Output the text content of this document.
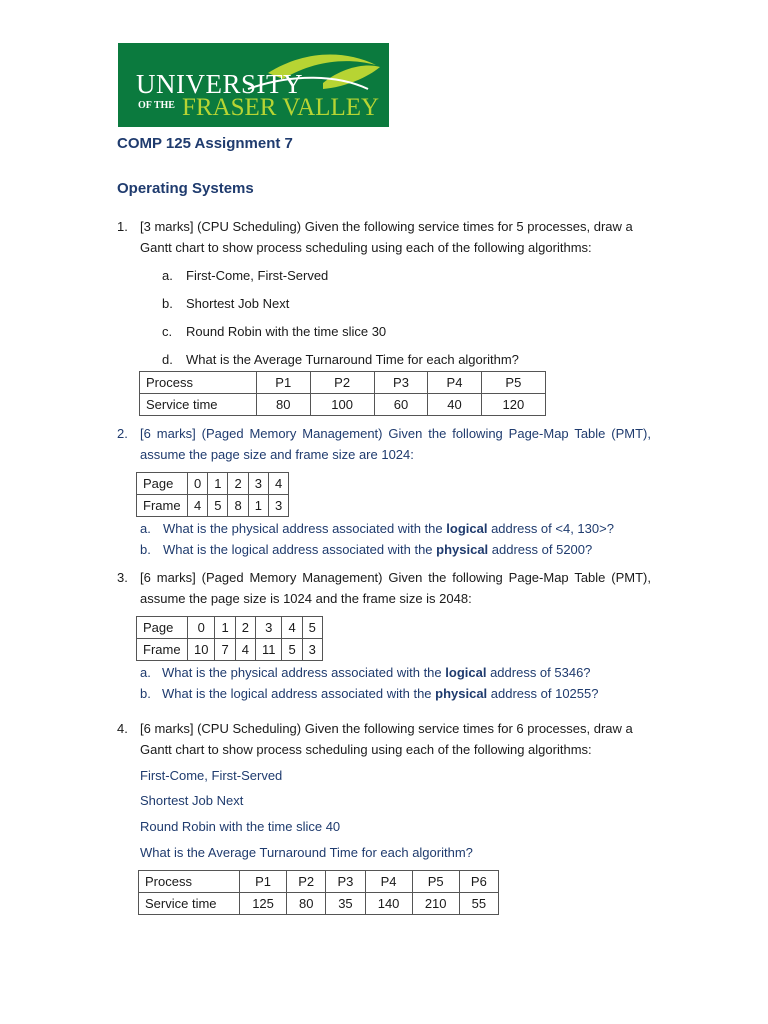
UNIVERSITY
OF THE FRASER VALLEY
COMP 125 Assignment 7
Operating Systems
1. [3 marks] (CPU Scheduling) Given the following service times for 5 processes, draw a
Gantt chart to show process scheduling using each of the following algorithms:
a. First-Come, First-Served
b. Shortest Job Next
c. Round Robin with the time slice 30
d. What is the Average Turnaround Time for each algorithm?
Process	P1	P2	P3	P4	P5
Service time	80	100	60	40	120
2. [6 marks] (Paged Memory Management) Given the following Page-Map Table (PMT),
assume the page size and frame size are 1024:
Page	0	1	2	3	4
Frame	4	5	8	1	3
a. What is the physical address associated with the logical address of <4, 130>?
b. What is the logical address associated with the physical address of 5200?
3. [6 marks] (Paged Memory Management) Given the following Page-Map Table (PMT),
assume the page size is 1024 and the frame size is 2048:
Page	0	1	2	3	4	5
Frame	10	7	4	11	5	3
a. What is the physical address associated with the logical address of 5346?
b. What is the logical address associated with the physical address of 10255?
4. [6 marks] (CPU Scheduling) Given the following service times for 6 processes, draw a
Gantt chart to show process scheduling using each of the following algorithms:
First-Come, First-Served
Shortest Job Next
Round Robin with the time slice 40
What is the Average Turnaround Time for each algorithm?
Process	P1	P2	P3	P4	P5	P6
Service time	125	80	35	140	210	55
